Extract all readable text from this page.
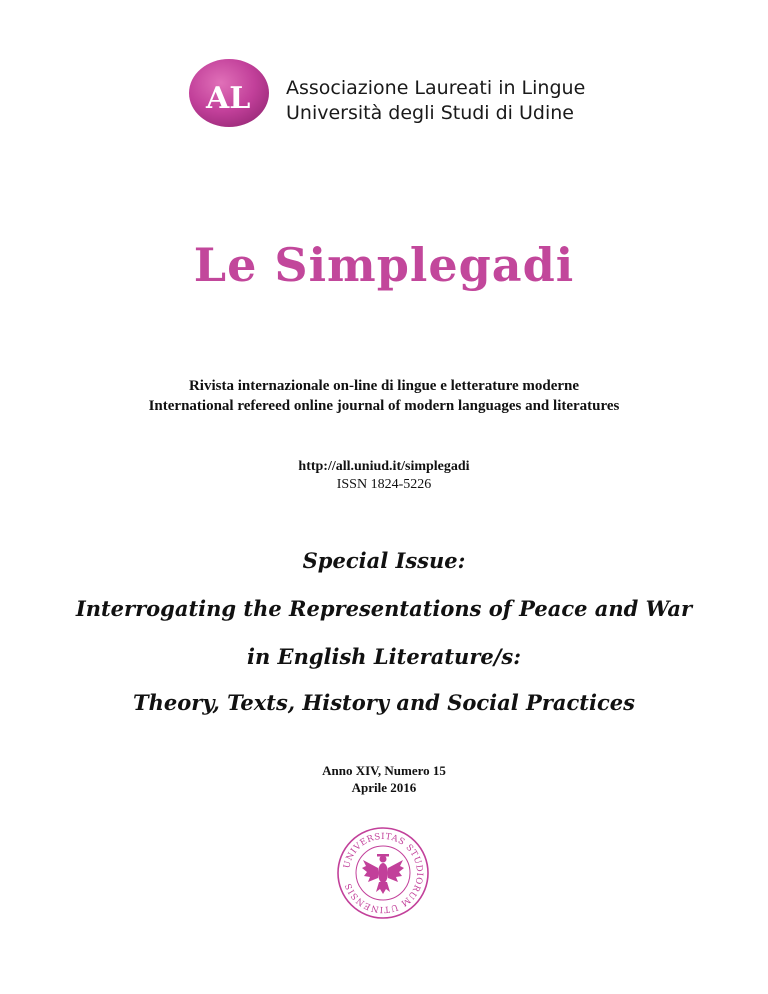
AL Associazione Laureati in Lingue
Università degli Studi di Udine
Le Simplegadi
Rivista internazionale on-line di lingue e letterature moderne
International refereed online journal of modern languages and literatures
http://all.uniud.it/simplegadi
ISSN 1824-5226
Special Issue:
Interrogating the Representations of Peace and War
in English Literature/s:
Theory, Texts, History and Social Practices
Anno XIV, Numero 15
Aprile 2016
UNIVERSITAS STUDIORUM UTINENSIS
